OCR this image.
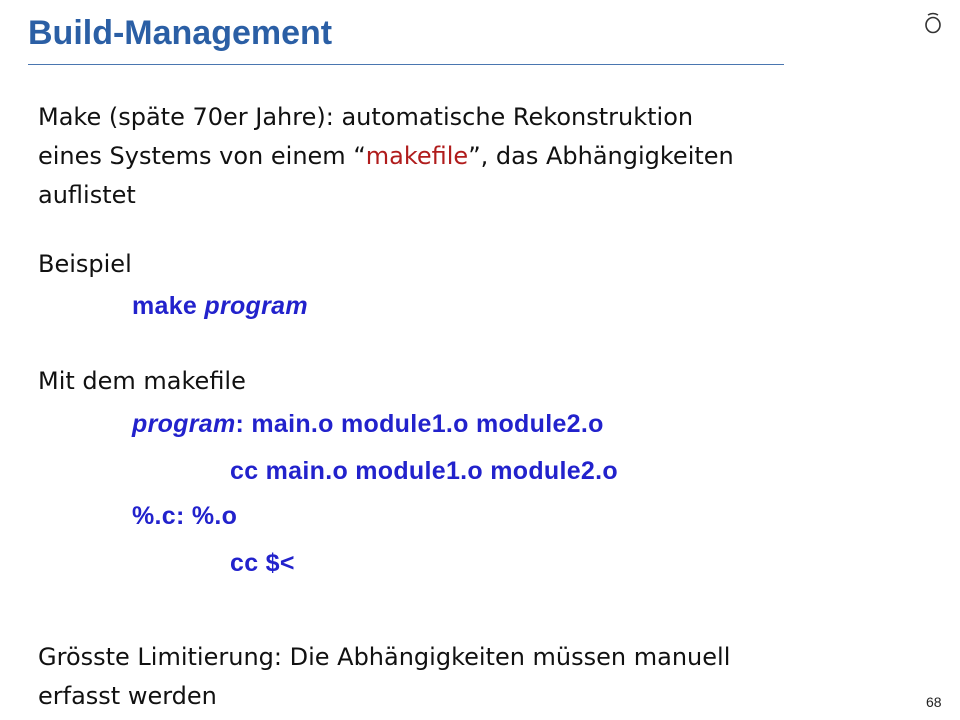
Build-Management
Make (späte 70er Jahre): automatische Rekonstruktion
eines Systems von einem “makefile”, das Abhängigkeiten
auflistet
Beispiel
make program
Mit dem makefile
program: main.o module1.o module2.o
cc main.o module1.o module2.o
%.c: %.o
cc $<
Grösste Limitierung: Die Abhängigkeiten müssen manuell
erfasst werden	68
